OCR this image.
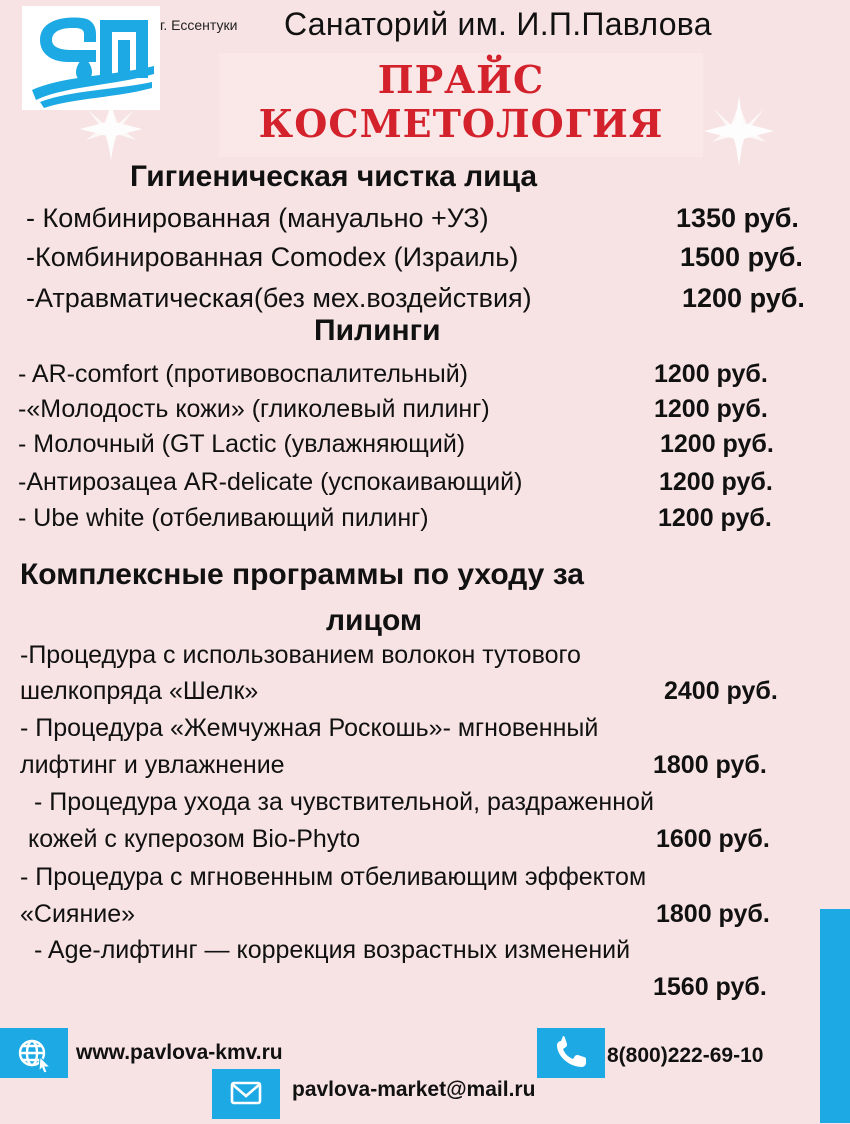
г. Ессентуки Санаторий им. И.П.Павлова
ПРАЙС
КОСМЕТОЛОГИЯ
Гигиеническая чистка лица
- Комбинированная (мануально +УЗ)	1350 руб.
-Комбинированная Comodex (Израиль)	1500 руб.
-Атравматическая(без мех.воздействия)	1200 руб.
Пилинги
- AR-comfort (противовоспалительный)	1200 руб.
-«Молодость кожи» (гликолевый пилинг)	1200 руб.
- Молочный (GT Lactic (увлажняющий)	1200 руб.
-Антирозацеа AR-delicate (успокаивающий)	1200 руб.
- Ube white (отбеливающий пилинг)	1200 руб.
Комплексные программы по уходу за
лицом
-Процедура с использованием волокон тутового
шелкопряда «Шелк»	2400 руб.
- Процедура «Жемчужная Роскошь»- мгновенный
лифтинг и увлажнение	1800 руб.
- Процедура ухода за чувствительной, раздраженной
кожей с куперозом Bio-Phyto	1600 руб.
- Процедура с мгновенным отбеливающим эффектом
«Сияние»	1800 руб.
- Age-лифтинг — коррекция возрастных изменений
1560 руб.
www.pavlova-kmv.ru	8(800)222-69-10
pavlova-market@mail.ru
